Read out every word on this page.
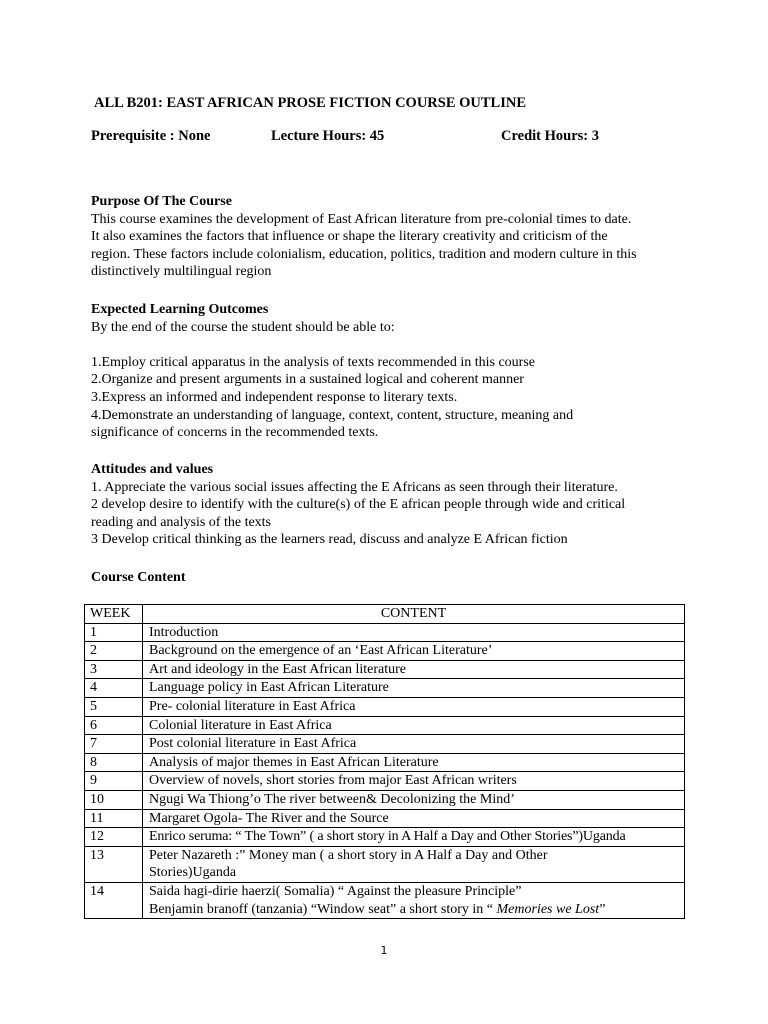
ALL B201: EAST AFRICAN PROSE FICTION COURSE OUTLINE
Prerequisite : None	Lecture Hours: 45	Credit Hours: 3
Purpose Of The Course
This course examines the development of East African literature from pre-colonial times to date.
It also examines the factors that influence or shape the literary creativity and criticism of the
region. These factors include colonialism, education, politics, tradition and modern culture in this
distinctively multilingual region
Expected Learning Outcomes
By the end of the course the student should be able to:
1.Employ critical apparatus in the analysis of texts recommended in this course
2.Organize and present arguments in a sustained logical and coherent manner
3.Express an informed and independent response to literary texts.
4.Demonstrate an understanding of language, context, content, structure, meaning and
significance of concerns in the recommended texts.
Attitudes and values
1. Appreciate the various social issues affecting the E Africans as seen through their literature.
2 develop desire to identify with the culture(s) of the E african people through wide and critical
reading and analysis of the texts
3 Develop critical thinking as the learners read, discuss and analyze E African fiction
Course Content
WEEK	CONTENT
1	Introduction
2	Background on the emergence of an ‘East African Literature’
3	Art and ideology in the East African literature
4	Language policy in East African Literature
5	Pre- colonial literature in East Africa
6	Colonial literature in East Africa
7	Post colonial literature in East Africa
8	Analysis of major themes in East African Literature
9	Overview of novels, short stories from major East African writers
10	Ngugi Wa Thiong’o The river between& Decolonizing the Mind’
11	Margaret Ogola- The River and the Source
12	Enrico seruma: “ The Town” ( a short story in A Half a Day and Other Stories”)Uganda
13	Peter Nazareth :” Money man ( a short story in A Half a Day and Other
Stories)Uganda

14	Saida hagi-dirie haerzi( Somalia) “ Against the pleasure Principle”
Benjamin branoff (tanzania) “Window seat” a short story in “ Memories we Lost”
1
